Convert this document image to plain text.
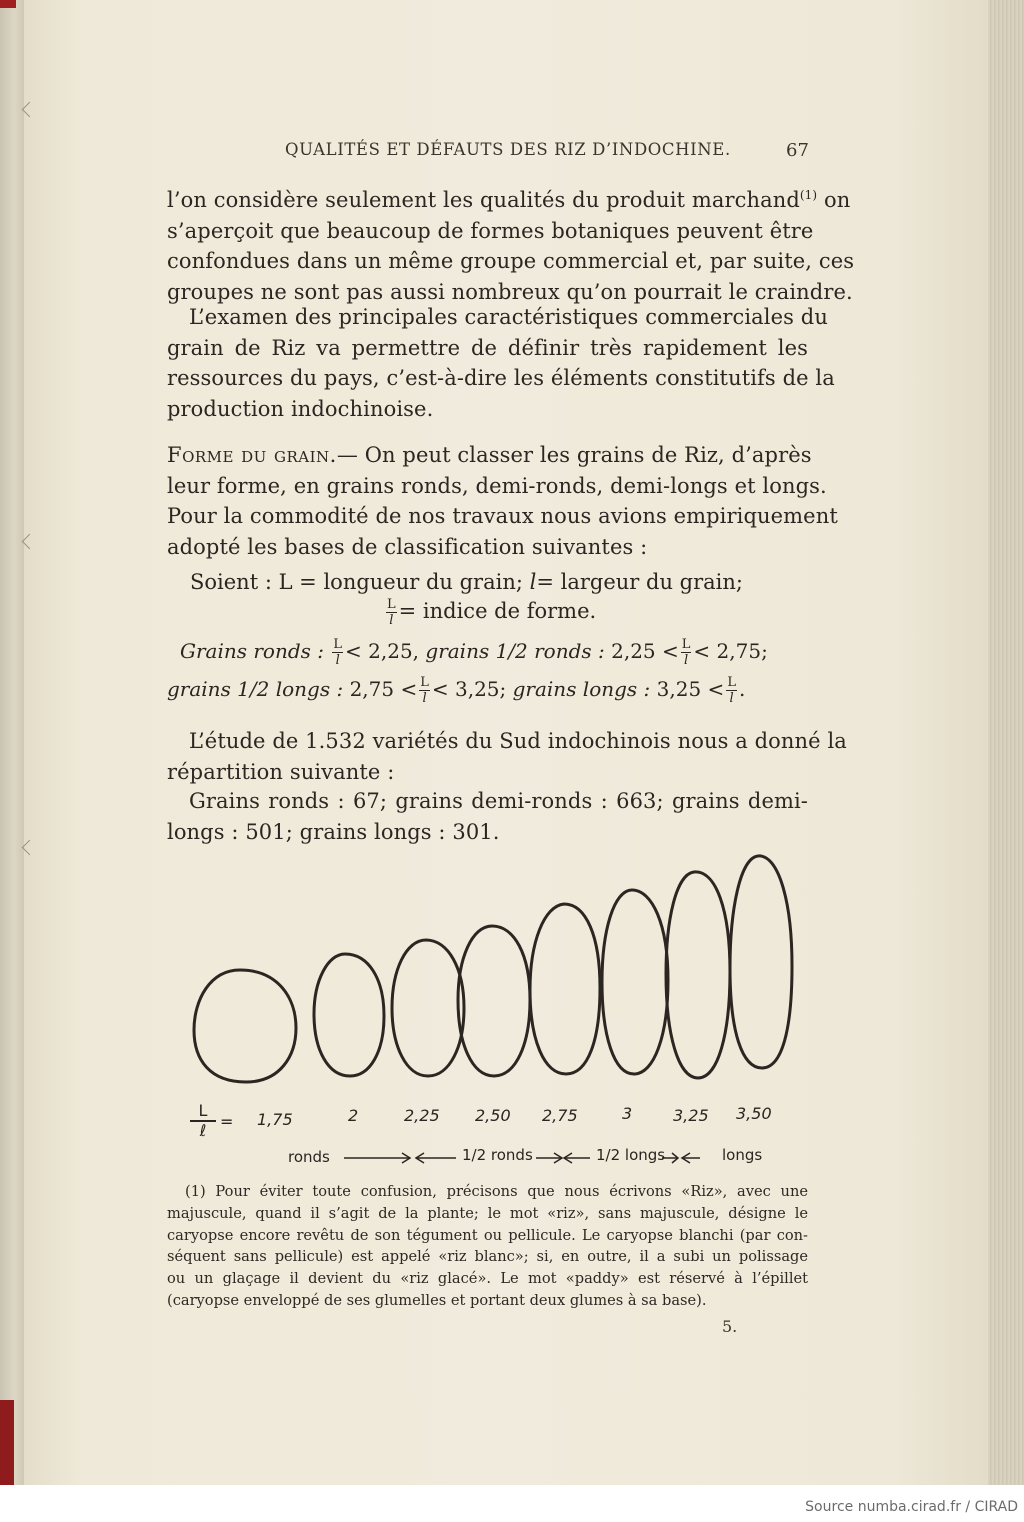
Source numba.cirad.fr / CIRAD
QUALITÉS ET DÉFAUTS DES RIZ D’INDOCHINE.	67
l’on considère seulement les qualités du produit marchand$^{(1)}$ on
s’aperçoit que beaucoup de formes botaniques peuvent être
confondues dans un même groupe commercial et, par suite, ces
groupes ne sont pas aussi nombreux qu’on pourrait le craindre.
L’examen des principales caractéristiques commerciales du
grain de Riz va permettre de définir très rapidement les
ressources du pays, c’est-à-dire les éléments constitutifs de la
production indochinoise.
Forme du grain.— On peut classer les grains de Riz, d’après
leur forme, en grains ronds, demi-ronds, demi-longs et longs.
Pour la commodité de nos travaux nous avions empiriquement
adopté les bases de classification suivantes :
Soient : L = longueur du grain; l= largeur du grain;
$\frac{L}{l}$ = indice de forme.
Grains ronds : $\frac{L}{l} < 2,25$, grains 1/2 ronds : $2,25 < \frac{L}{l} < 2,75$;
grains 1/2 longs : $2,75 < \frac{L}{l} < 3,25$; grains longs : $3,25 < \frac{L}{l}$ .
L’étude de 1.532 variétés du Sud indochinois nous a donné la
répartition suivante :
Grains ronds : 67; grains demi-ronds : 663; grains demi-
longs : 501; grains longs : 301.
L
ℓ = 1,75	2	2,25 2,50 2,75	3	3,25 3,50
ronds	1/2 ronds	1/2 longs	longs
(1) Pour éviter toute confusion, précisons que nous écrivons «Riz», avec une
majuscule, quand il s’agit de la plante; le mot «riz», sans majuscule, désigne le
caryopse encore revêtu de son tégument ou pellicule. Le caryopse blanchi (par con-
séquent sans pellicule) est appelé «riz blanc»; si, en outre, il a subi un polissage
ou un glaçage il devient du «riz glacé». Le mot «paddy» est réservé à l’épillet
(caryopse enveloppé de ses glumelles et portant deux glumes à sa base).
5.
